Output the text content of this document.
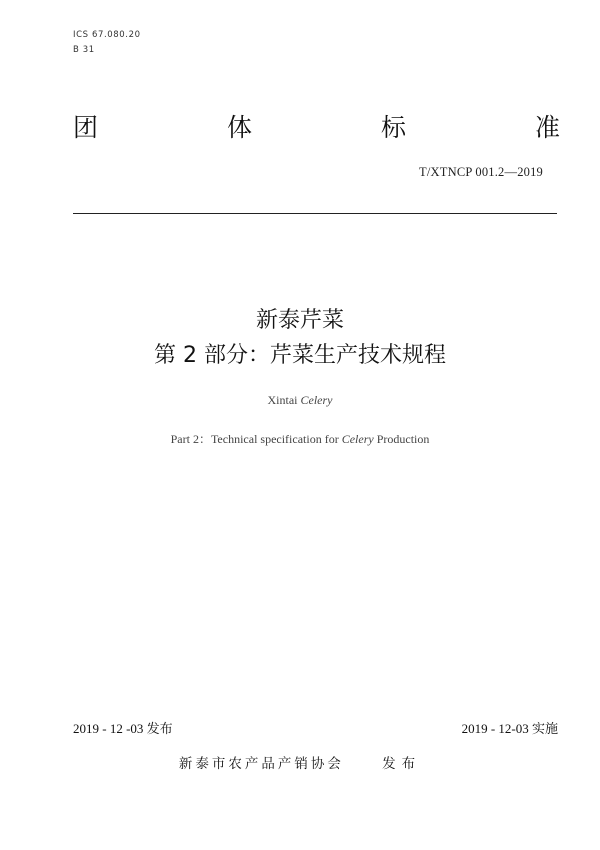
ICS 67.080.20
B 31
团	体	标	准
T/XTNCP 001.2—2019
新泰芹菜
第 2 部分：芹菜生产技术规程
Xintai Celery
Part 2：Technical specification for Celery Production
2019 - 12 -03 发布	2019 - 12-03 实施
新泰市农产品产销协会	发布
